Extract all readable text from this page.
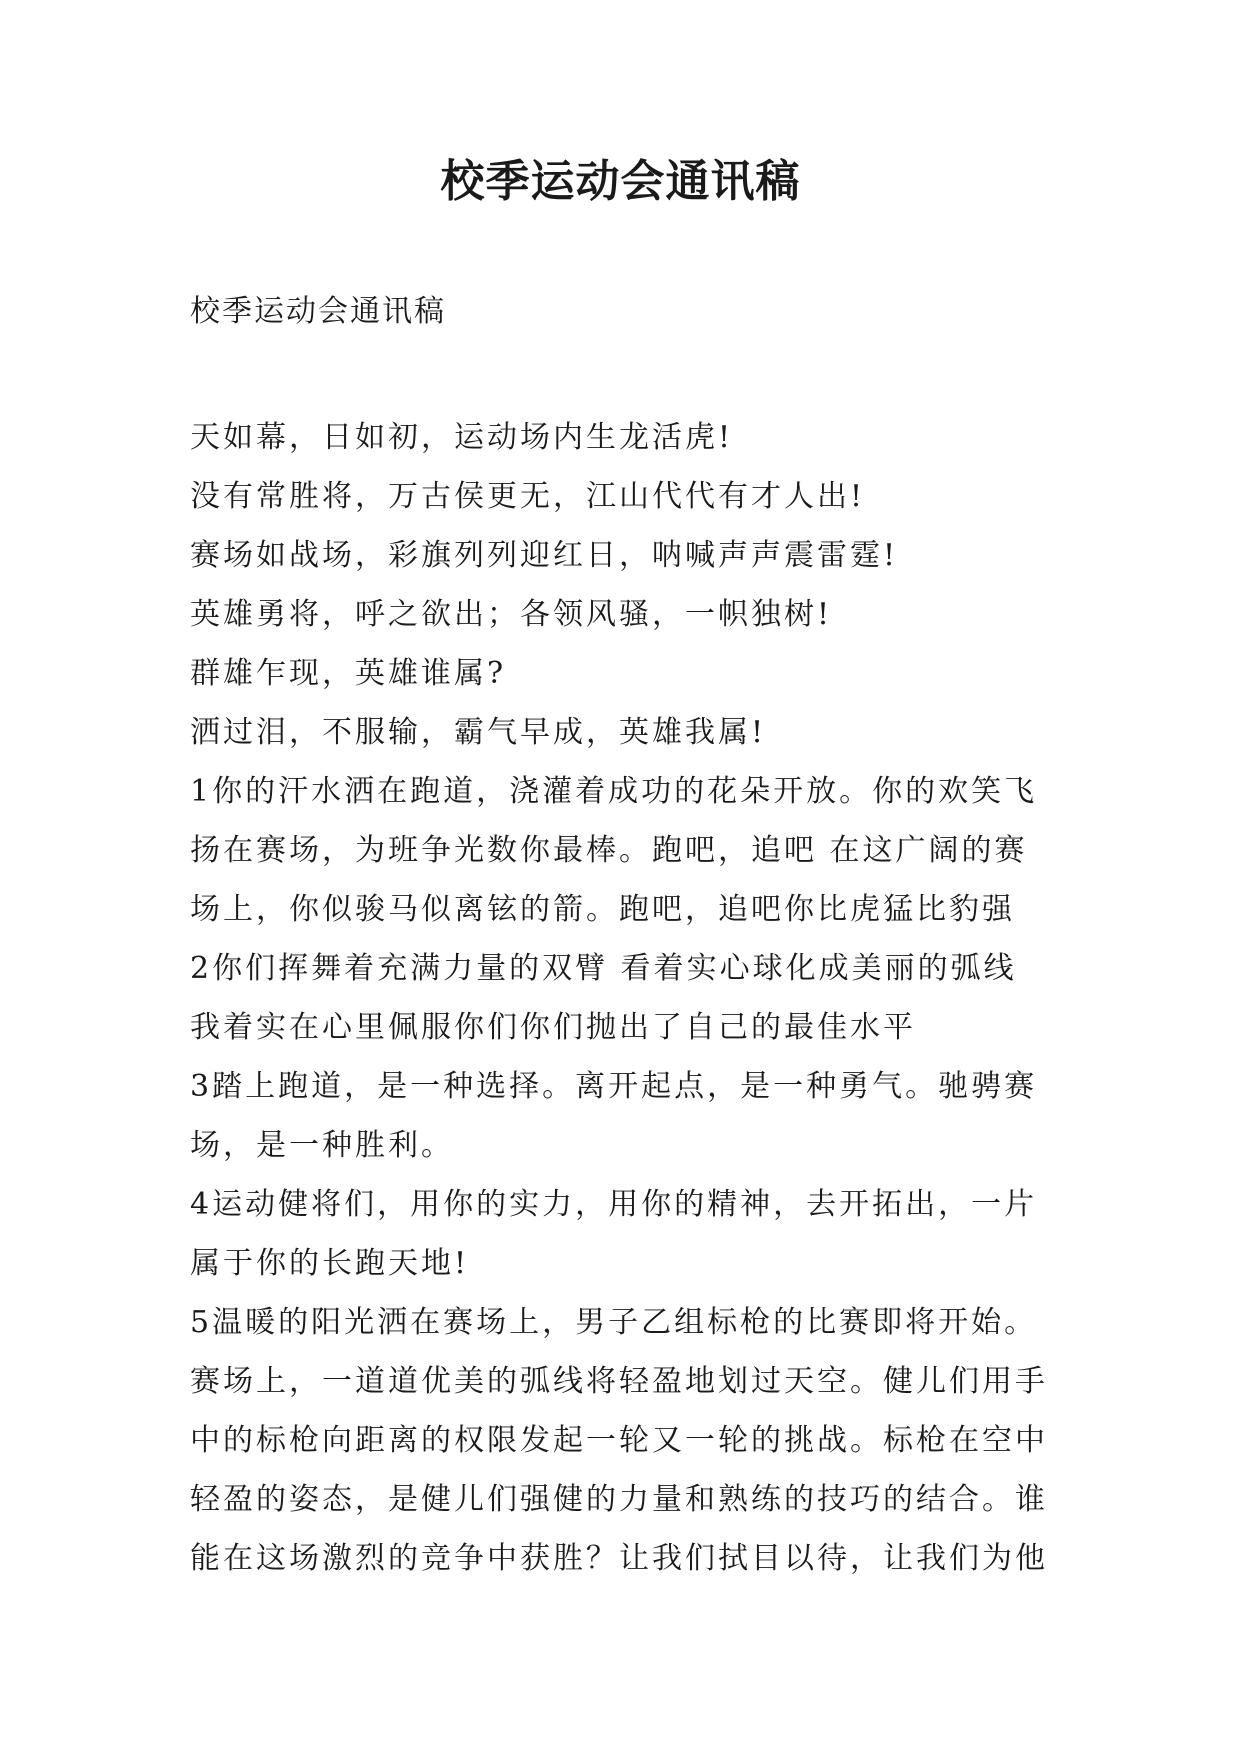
校季运动会通讯稿
校季运动会通讯稿
天如幕，日如初，运动场内生龙活虎!
没有常胜将，万古侯更无，江山代代有才人出!
赛场如战场，彩旗列列迎红日，呐喊声声震雷霆!
英雄勇将，呼之欲出；各领风骚，一帜独树!
群雄乍现，英雄谁属?
洒过泪，不服输，霸气早成，英雄我属!
1你的汗水洒在跑道，浇灌着成功的花朵开放。你的欢笑飞
扬在赛场，为班争光数你最棒。跑吧，追吧 在这广阔的赛
场上，你似骏马似离铉的箭。跑吧，追吧你比虎猛比豹强
2你们挥舞着充满力量的双臂 看着实心球化成美丽的弧线
我着实在心里佩服你们你们抛出了自己的最佳水平
3踏上跑道，是一种选择。离开起点，是一种勇气。驰骋赛
场，是一种胜利。
4运动健将们，用你的实力，用你的精神，去开拓出，一片
属于你的长跑天地!
5温暖的阳光洒在赛场上，男子乙组标枪的比赛即将开始。
赛场上，一道道优美的弧线将轻盈地划过天空。健儿们用手
中的标枪向距离的权限发起一轮又一轮的挑战。标枪在空中
轻盈的姿态，是健儿们强健的力量和熟练的技巧的结合。谁
能在这场激烈的竞争中获胜？让我们拭目以待，让我们为他
